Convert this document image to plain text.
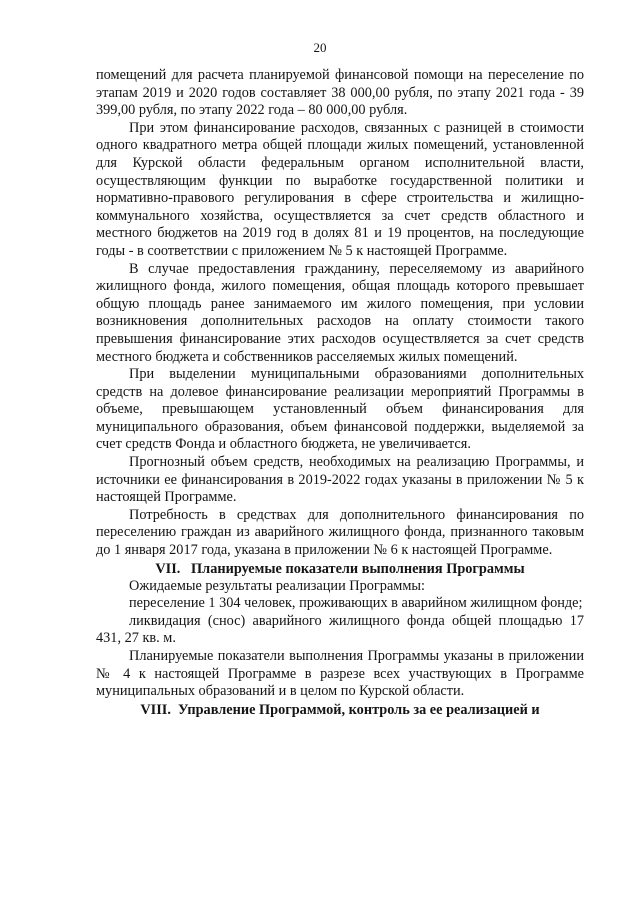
20

помещений для расчета планируемой финансовой помощи на переселение по этапам 2019 и 2020 годов составляет 38 000,00 рубля, по этапу 2021 года - 39 399,00 рубля, по этапу 2022 года – 80 000,00 рубля.

При этом финансирование расходов, связанных с разницей в стоимости одного квадратного метра общей площади жилых помещений, установленной для Курской области федеральным органом исполнительной власти, осуществляющим функции по выработке государственной политики и нормативно-правового регулирования в сфере строительства и жилищно-коммунального хозяйства, осуществляется за счет средств областного и местного бюджетов на 2019 год в долях 81 и 19 процентов, на последующие годы - в соответствии с приложением № 5 к настоящей Программе.

В случае предоставления гражданину, переселяемому из аварийного жилищного фонда, жилого помещения, общая площадь которого превышает общую площадь ранее занимаемого им жилого помещения, при условии возникновения дополнительных расходов на оплату стоимости такого превышения финансирование этих расходов осуществляется за счет средств местного бюджета и собственников расселяемых жилых помещений.

При выделении муниципальными образованиями дополнительных средств на долевое финансирование реализации мероприятий Программы в объеме, превышающем установленный объем финансирования для муниципального образования, объем финансовой поддержки, выделяемой за счет средств Фонда и областного бюджета, не увеличивается.

Прогнозный объем средств, необходимых на реализацию Программы, и источники ее финансирования в 2019-2022 годах указаны в приложении № 5 к настоящей Программе.

Потребность в средствах для дополнительного финансирования по переселению граждан из аварийного жилищного фонда, признанного таковым до 1 января 2017 года, указана в приложении № 6 к настоящей Программе.

VII.   Планируемые показатели выполнения Программы

Ожидаемые результаты реализации Программы:

переселение 1 304 человек, проживающих в аварийном жилищном фонде;

ликвидация (снос) аварийного жилищного фонда общей площадью 17 431, 27 кв. м.

Планируемые показатели выполнения Программы указаны в приложении № 4 к настоящей Программе в разрезе всех участвующих в Программе муниципальных образований и в целом по Курской области.

VIII.  Управление Программой, контроль за ее реализацией и
